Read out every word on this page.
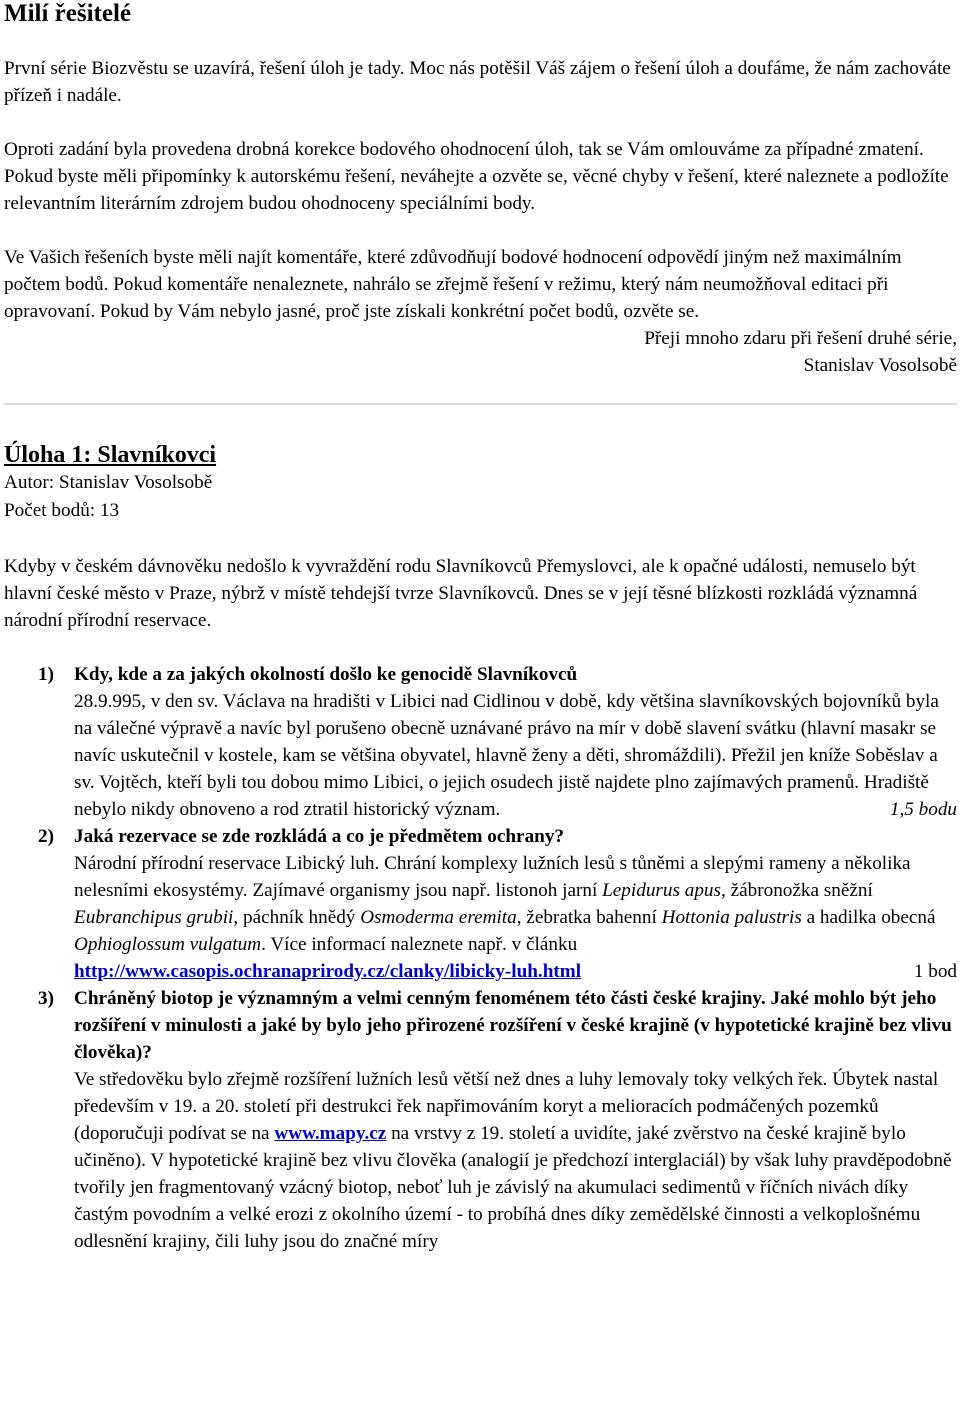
Milí řešitelé

První série Biozvěstu se uzavírá, řešení úloh je tady. Moc nás potěšil Váš zájem o řešení úloh a doufáme, že nám zachováte přízeň i nadále.

Oproti zadání byla provedena drobná korekce bodového ohodnocení úloh, tak se Vám omlouváme za případné zmatení. Pokud byste měli připomínky k autorskému řešení, neváhejte a ozvěte se, věcné chyby v řešení, které naleznete a podložíte relevantním literárním zdrojem budou ohodnoceny speciálními body.

Ve Vašich řešeních byste měli najít komentáře, které zdůvodňují bodové hodnocení odpovědí jiným než maximálním počtem bodů. Pokud komentáře nenaleznete, nahrálo se zřejmě řešení v režimu, který nám neumožňoval editaci při opravovaní. Pokud by Vám nebylo jasné, proč jste získali konkrétní počet bodů, ozvěte se.

Přeji mnoho zdaru při řešení druhé série,
Stanislav Vosolsobě
Úloha 1: Slavníkovci
Autor: Stanislav Vosolsobě
Počet bodů: 13

Kdyby v českém dávnověku nedošlo k vyvraždění rodu Slavníkovců Přemyslovci, ale k opačné události, nemuselo být hlavní české město v Praze, nýbrž v místě tehdejší tvrze Slavníkovců. Dnes se v její těsné blízkosti rozkládá významná národní přírodní reservace.

1) Kdy, kde a za jakých okolností došlo ke genocidě Slavníkovců
28.9.995, v den sv. Václava na hradišti v Libici nad Cidlinou v době, kdy většina slavníkovských bojovníků byla na válečné výpravě a navíc byl porušeno obecně uznávané právo na mír v době slavení svátku (hlavní masakr se navíc uskutečnil v kostele, kam se většina obyvatel, hlavně ženy a děti, shromáždili). Přežil jen kníže Soběslav a sv. Vojtěch, kteří byli tou dobou mimo Libici, o jejich osudech jistě najdete plno zajímavých pramenů. Hradiště nebylo nikdy obnoveno a rod ztratil historický význam.	1,5 bodu
2) Jaká rezervace se zde rozkládá a co je předmětem ochrany?
Národní přírodní reservace Libický luh. Chrání komplexy lužních lesů s tůněmi a slepými rameny a několika nelesními ekosystémy. Zajímavé organismy jsou např. listonoh jarní Lepidurus apus, žábronožka sněžní Eubranchipus grubii, páchník hnědý Osmoderma eremita, žebratka bahenní Hottonia palustris a hadilka obecná Ophioglossum vulgatum. Více informací naleznete např. v článku
http://www.casopis.ochranaprirody.cz/clanky/libicky-luh.html	1 bod
3) Chráněný biotop je významným a velmi cenným fenoménem této části české krajiny. Jaké mohlo být jeho rozšíření v minulosti a jaké by bylo jeho přirozené rozšíření v české krajině (v hypotetické krajině bez vlivu člověka)?
Ve středověku bylo zřejmě rozšíření lužních lesů větší než dnes a luhy lemovaly toky velkých řek. Úbytek nastal především v 19. a 20. století při destrukci řek napřimováním koryt a melioracích podmáčených pozemků (doporučuji podívat se na www.mapy.cz na vrstvy z 19. století a uvidíte, jaké zvěrstvo na české krajině bylo učiněno). V hypotetické krajině bez vlivu člověka (analogií je předchozí interglaciál) by však luhy pravděpodobně tvořily jen fragmentovaný vzácný biotop, neboť luh je závislý na akumulaci sedimentů v říčních nivách díky častým povodním a velké erozi z okolního území - to probíhá dnes díky zemědělské činnosti a velkoplošnému odlesnění krajiny, čili luhy jsou do značné míry
